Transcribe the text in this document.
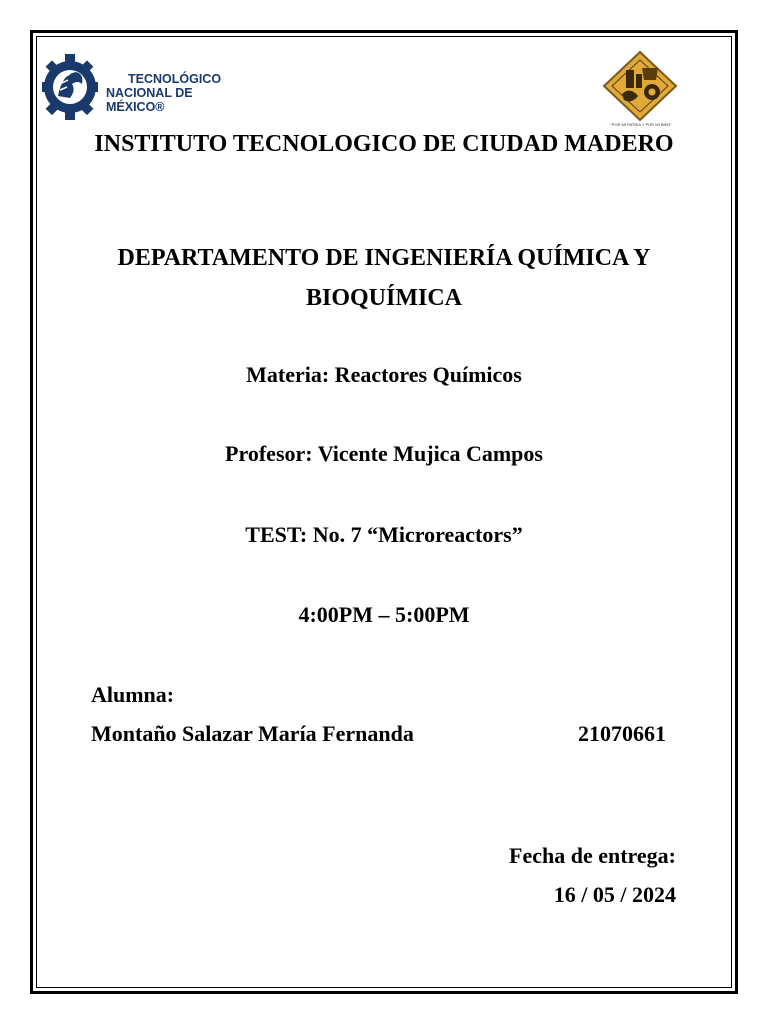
TECNOLÓGICO
NACIONAL DE MÉXICO®
"POR MI PATRIA Y POR MI BIEN"
INSTITUTO TECNOLOGICO DE CIUDAD MADERO
DEPARTAMENTO DE INGENIERÍA QUÍMICA Y BIOQUÍMICA
Materia: Reactores Químicos
Profesor: Vicente Mujica Campos
TEST: No. 7 “Microreactors”
4:00PM – 5:00PM
Alumna:
Montaño Salazar María Fernanda	21070661
Fecha de entrega:
16 / 05 / 2024
